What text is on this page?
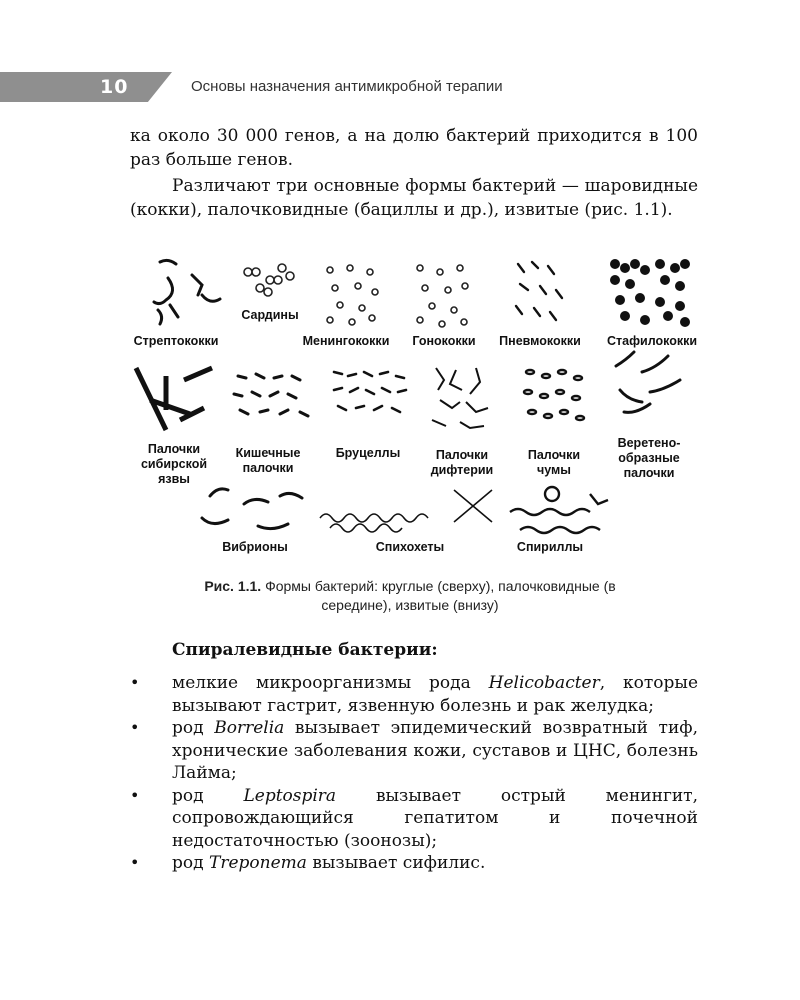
10	Основы назначения антимикробной терапии

ка около 30 000 генов, а на долю бактерий приходится в 100 раз больше генов.

Различают три основные формы бактерий — шаровидные (кокки), палочковидные (бациллы и др.), извитые (рис. 1.1).

Стрептококки
Сардины
Менингококки	Гонококки	Пневмококки	Стафилококки
Палочки
сибирской
язвы
Кишечные
палочки
Бруцеллы	Палочки
дифтерии
Палочки
чумы
Веретено-
образные
палочки
Вибрионы	Спихохеты	Спириллы
Рис. 1.1. Формы бактерий: круглые (сверху), палочковидные (в середине), извитые (внизу)
Спиралевидные бактерии:
• мелкие микроорганизмы рода Helicobacter, которые вызывают гастрит, язвенную болезнь и рак желудка;
• род Borrelia вызывает эпидемический возвратный тиф, хронические заболевания кожи, суставов и ЦНС, болезнь Лайма;
• род Leptospira вызывает острый менингит, сопровождающийся гепатитом и почечной недостаточностью (зоонозы);
• род Treponema вызывает сифилис.
